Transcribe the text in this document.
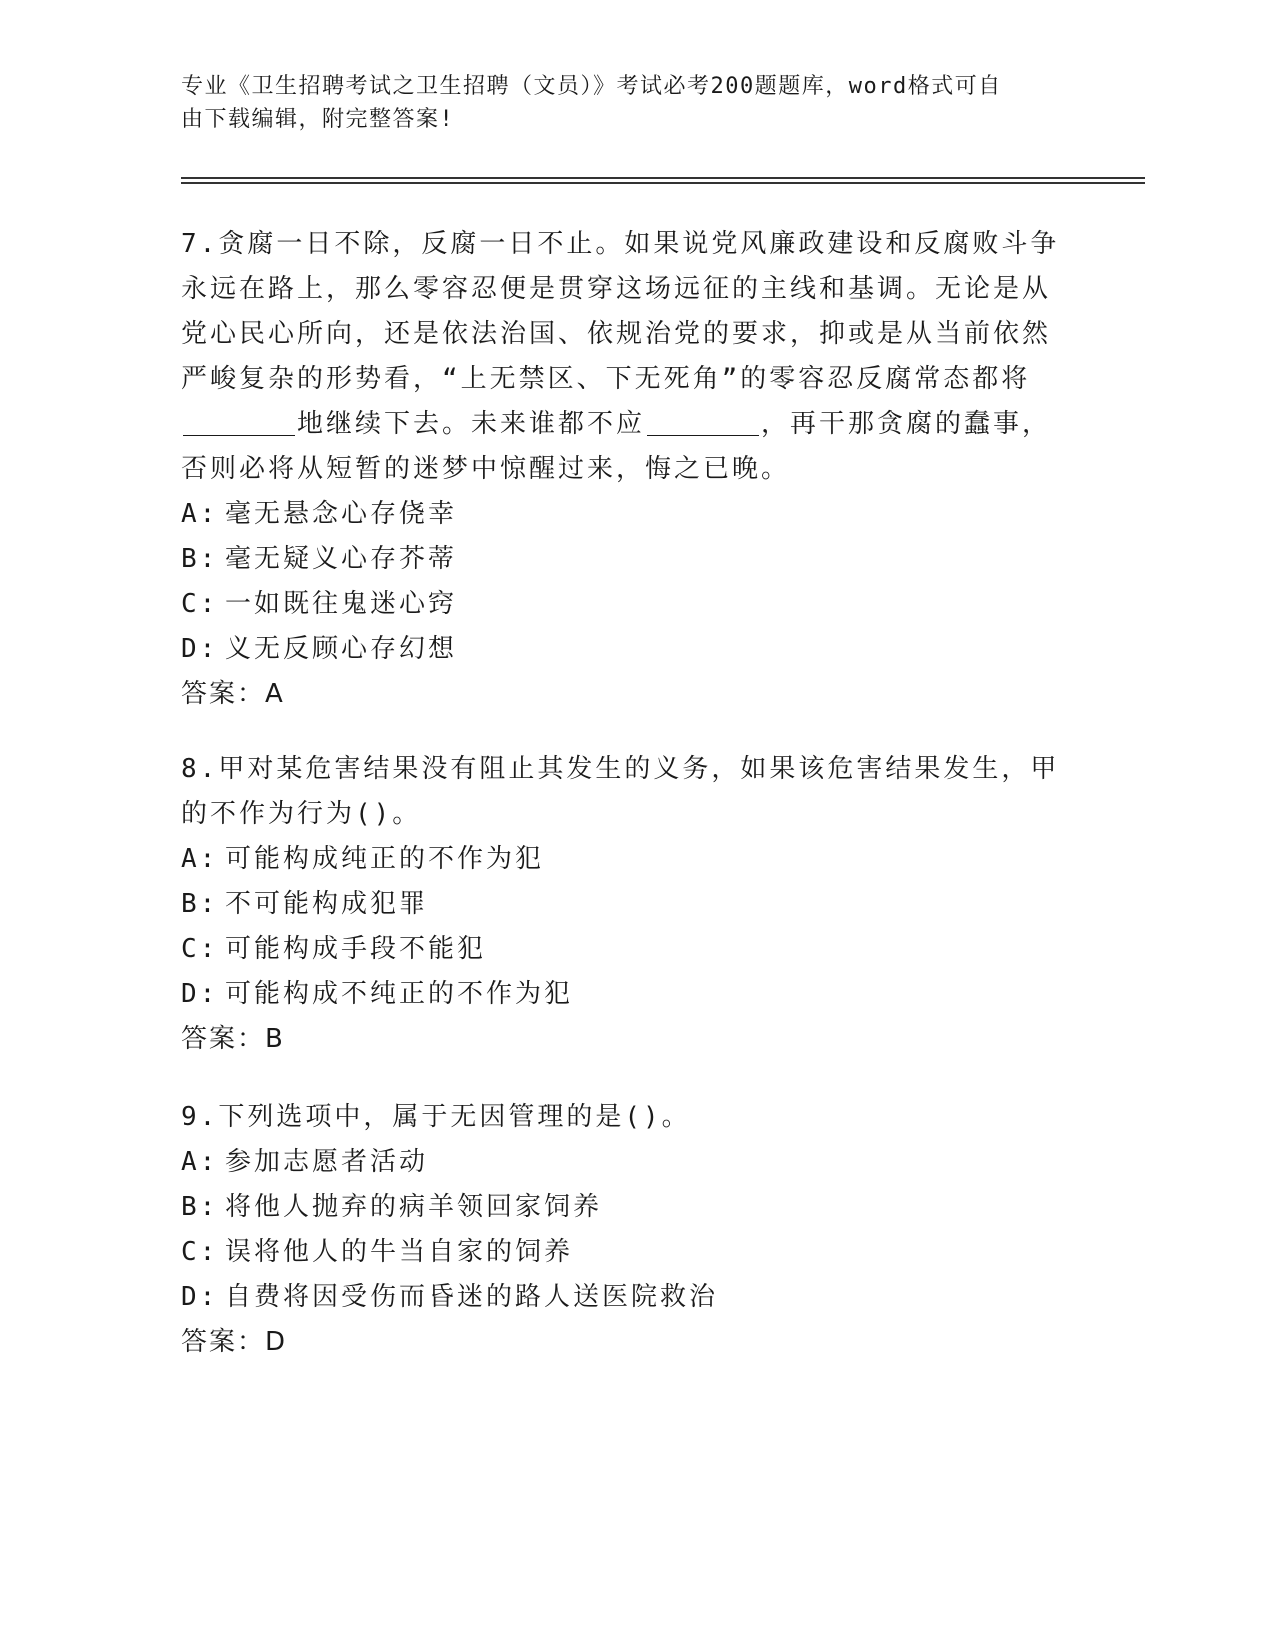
专业《卫生招聘考试之卫生招聘（文员）》考试必考200题题库，word格式可自
由下载编辑，附完整答案!
7.贪腐一日不除，反腐一日不止。如果说党风廉政建设和反腐败斗争
永远在路上，那么零容忍便是贯穿这场远征的主线和基调。无论是从
党心民心所向，还是依法治国、依规治党的要求，抑或是从当前依然
严峻复杂的形势看，“上无禁区、下无死角”的零容忍反腐常态都将
地继续下去。未来谁都不应	，再干那贪腐的蠢事，
否则必将从短暂的迷梦中惊醒过来，悔之已晚。
A: 毫无悬念心存侥幸
B: 毫无疑义心存芥蒂
C: 一如既往鬼迷心窍
D: 义无反顾心存幻想
答案：A
8.甲对某危害结果没有阻止其发生的义务，如果该危害结果发生，甲
的不作为行为()。
A: 可能构成纯正的不作为犯
B: 不可能构成犯罪
C: 可能构成手段不能犯
D: 可能构成不纯正的不作为犯
答案：B
9.下列选项中，属于无因管理的是()。
A: 参加志愿者活动
B: 将他人抛弃的病羊领回家饲养
C: 误将他人的牛当自家的饲养
D: 自费将因受伤而昏迷的路人送医院救治
答案：D
